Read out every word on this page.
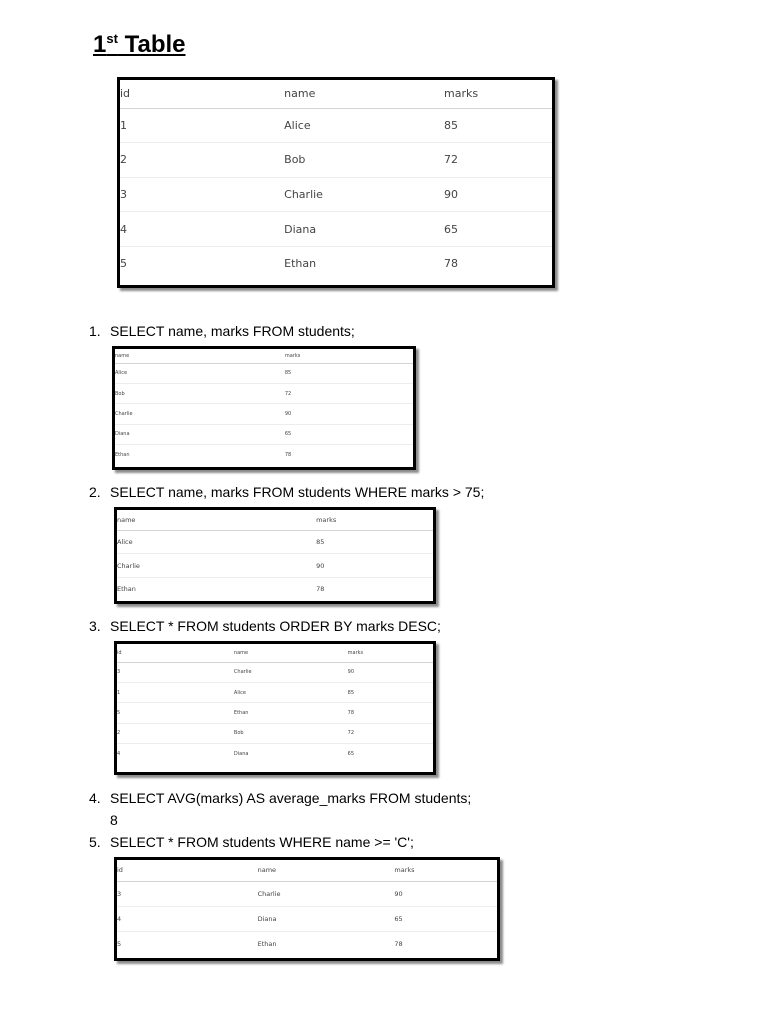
1st Table
id	name	marks
1	Alice	85
2	Bob	72
3	Charlie	90
4	Diana	65
5	Ethan	78

1. SELECT name, marks FROM students;

name	marks
Alice	85
Bob	72
Charlie	90
Diana	65
Ethan	78

2. SELECT name, marks FROM students WHERE marks > 75;

name	marks
Alice	85
Charlie	90
Ethan	78

3. SELECT * FROM students ORDER BY marks DESC;

id	name	marks
3	Charlie	90
1	Alice	85
5	Ethan	78
2	Bob	72
4	Diana	65

4. SELECT AVG(marks) AS average_marks FROM students;

8

5. SELECT * FROM students WHERE name >= 'C';

id	name	marks
3	Charlie	90
4	Diana	65
5	Ethan	78
